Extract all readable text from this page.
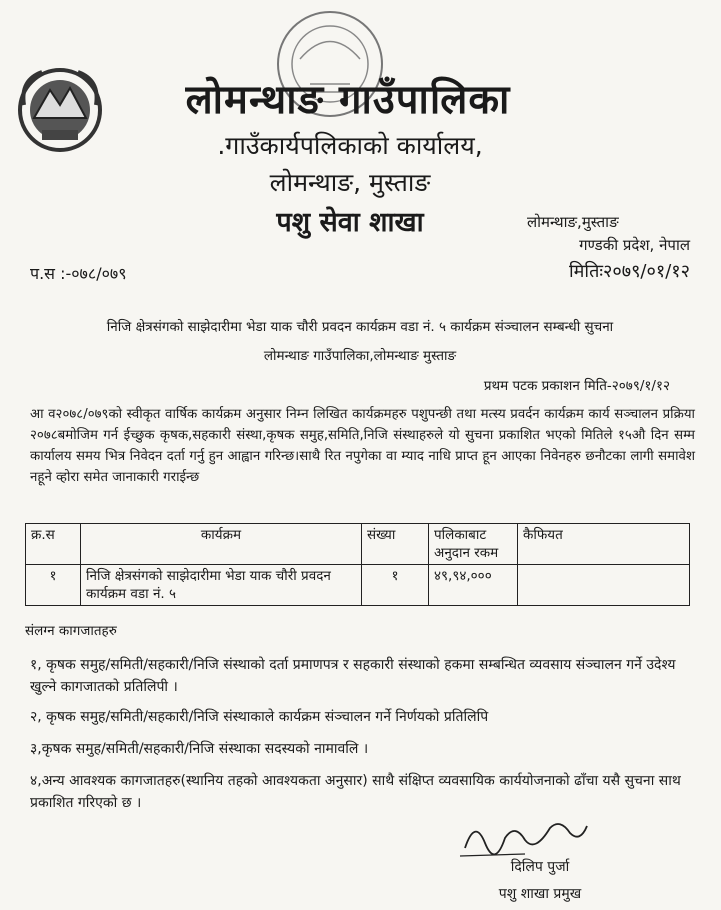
लोमन्थाङ गाउँपालिका
.गाउँकार्यपलिकाको कार्यालय,
लोमन्थाङ, मुस्ताङ
पशु सेवा शाखा	लोमन्थाङ,मुस्ताङ
गण्डकी प्रदेश, नेपाल
प.स :-०७८/०७९	मितिः२०७९/०१/१२
निजि क्षेत्रसंगको साझेदारीमा भेडा याक चौरी प्रवदन कार्यक्रम वडा नं. ५ कार्यक्रम संञ्चालन सम्बन्धी सुचना
लोमन्थाङ गाउँपालिका,लोमन्थाङ मुस्ताङ
प्रथम पटक प्रकाशन मिति-२०७९/१/१२
आ व२०७८/०७९को स्वीकृत वार्षिक कार्यक्रम अनुसार निम्न लिखित कार्यक्रमहरु पशुपन्छी तथा मत्स्य प्रवर्दन कार्यक्रम कार्य सञ्चालन प्रक्रिया २०७८बमोजिम गर्न ईच्छुक कृषक,सहकारी संस्था,कृषक समुह,समिति,निजि संस्थाहरुले यो सुचना प्रकाशित भएको मितिले १५औ दिन सम्म कार्यालय समय भित्र निवेदन दर्ता गर्नु हुन आह्वान गरिन्छ।साथै रित नपुगेका वा म्याद नाधि प्राप्त हून आएका निवेनहरु छनौटका लागी समावेश नहूने व्होरा समेत जानाकारी गराईन्छ
क्र.स	कार्यक्रम	संख्या	पलिकाबाट अनुदान रकम	कैफियत
१	निजि क्षेत्रसंगको साझेदारीमा भेडा याक चौरी प्रवदन कार्यक्रम वडा नं. ५	१	४९,९४,०००	
संलग्न कागजातहरु
१, कृषक समुह/समिती/सहकारी/निजि संस्थाको दर्ता प्रमाणपत्र र सहकारी संस्थाको हकमा सम्बन्धित व्यवसाय संञ्चालन गर्ने उदेश्य खुल्ने कागजातको प्रतिलिपी ।
२, कृषक समुह/समिती/सहकारी/निजि संस्थाकाले कार्यक्रम संञ्चालन गर्ने निर्णयको प्रतिलिपि
३,कृषक समुह/समिती/सहकारी/निजि संस्थाका सदस्यको नामावलि ।
४,अन्य आवश्यक कागजातहरु(स्थानिय तहको आवश्यकता अनुसार) साथै संक्षिप्त व्यवसायिक कार्ययोजनाको ढाँचा यसै सुचना साथ प्रकाशित गरिएको छ ।
दिलिप पुर्जा
पशु शाखा प्रमुख
